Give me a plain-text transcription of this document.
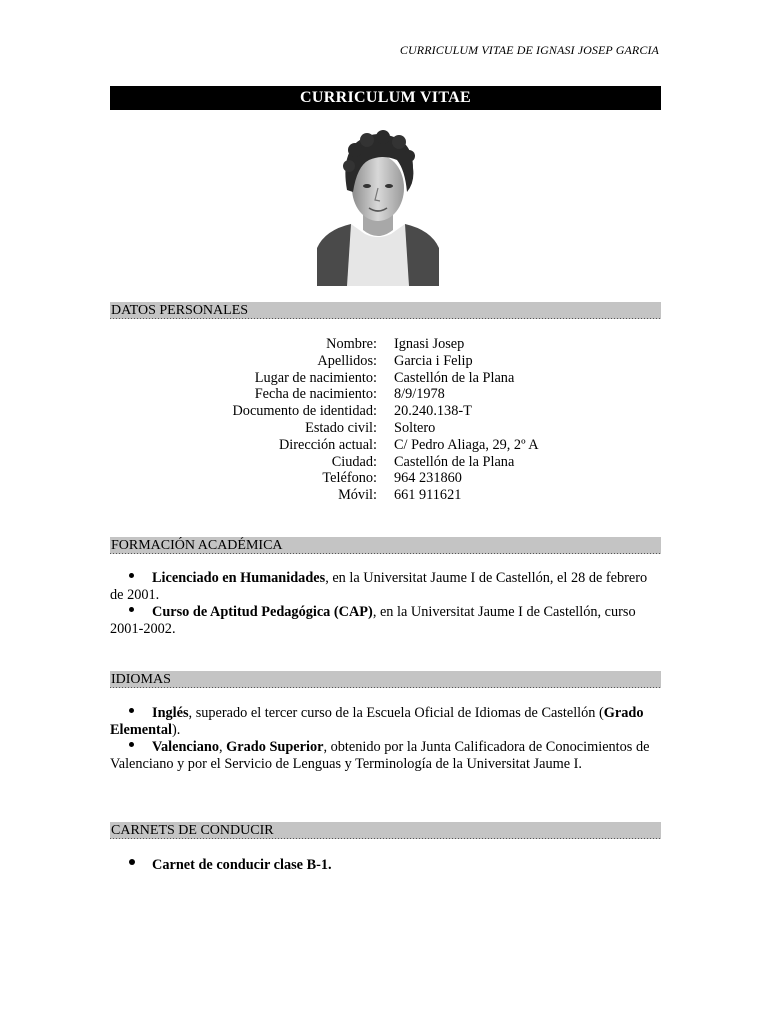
CURRICULUM VITAE DE IGNASI JOSEP GARCIA
CURRICULUM VITAE
DATOS PERSONALES
Nombre: Ignasi Josep
Apellidos: Garcia i Felip
Lugar de nacimiento: Castellón de la Plana
Fecha de nacimiento: 8/9/1978
Documento de identidad: 20.240.138-T
Estado civil: Soltero
Dirección actual: C/ Pedro Aliaga, 29, 2º A
Ciudad: Castellón de la Plana
Teléfono: 964 231860
Móvil: 661 911621
FORMACIÓN ACADÉMICA
Licenciado en Humanidades, en la Universitat Jaume I de Castellón, el 28 de febrero de 2001.
Curso de Aptitud Pedagógica (CAP), en la Universitat Jaume I de Castellón, curso 2001-2002.
IDIOMAS
Inglés, superado el tercer curso de la Escuela Oficial de Idiomas de Castellón (Grado Elemental).
Valenciano, Grado Superior, obtenido por la Junta Calificadora de Conocimientos de Valenciano y por el Servicio de Lenguas y Terminología de la Universitat Jaume I.
CARNETS DE CONDUCIR
Carnet de conducir clase B-1.
